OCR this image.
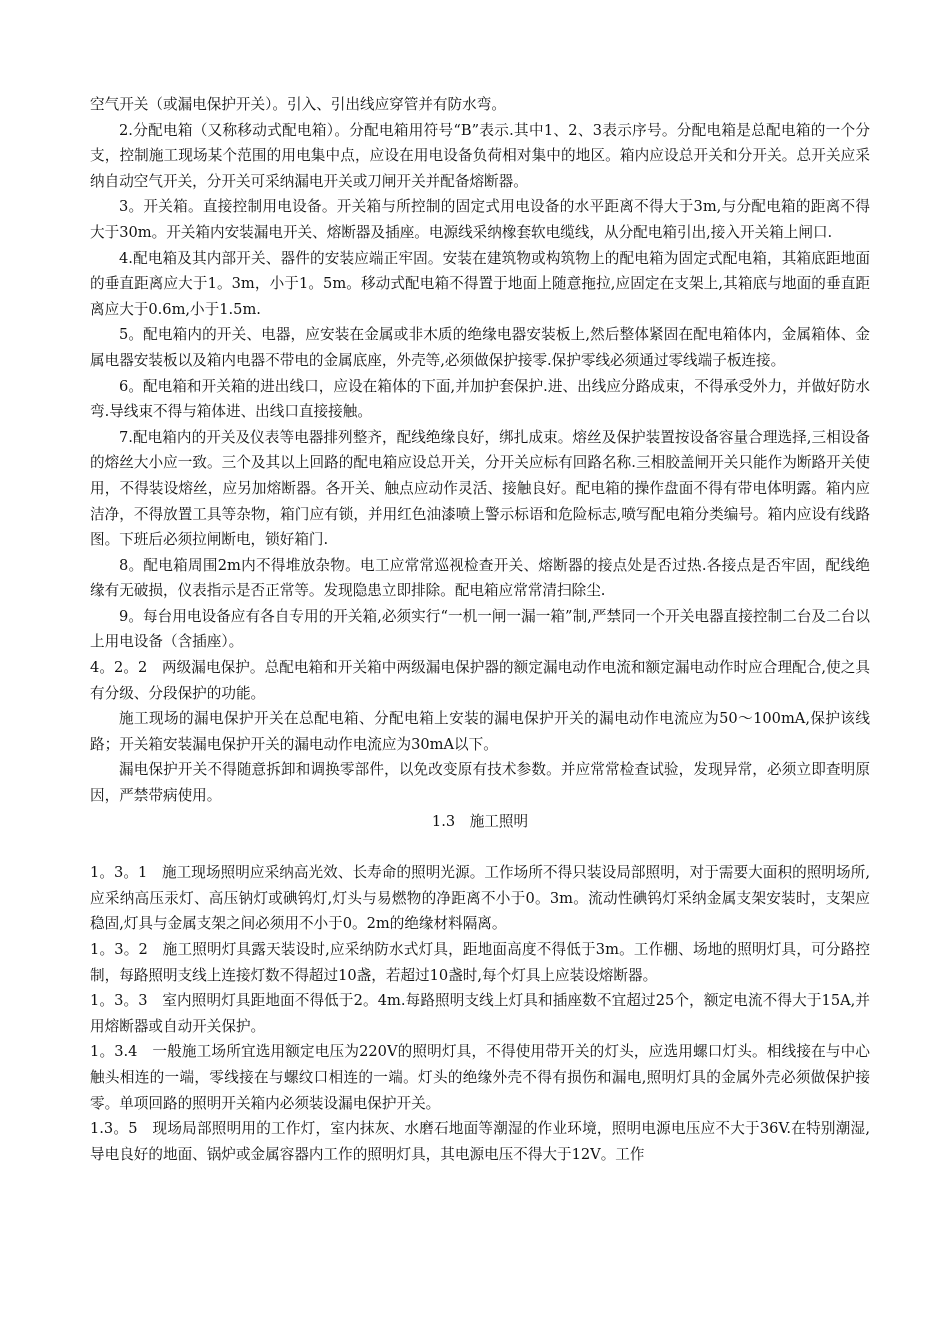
空气开关（或漏电保护开关）。引入、引出线应穿管并有防水弯。

2.分配电箱（又称移动式配电箱）。分配电箱用符号“B”表示.其中1、2、3表示序号。分配电箱是总配电箱的一个分支，控制施工现场某个范围的用电集中点，应设在用电设备负荷相对集中的地区。箱内应设总开关和分开关。总开关应采纳自动空气开关，分开关可采纳漏电开关或刀闸开关并配备熔断器。

3。开关箱。直接控制用电设备。开关箱与所控制的固定式用电设备的水平距离不得大于3m,与分配电箱的距离不得大于30m。开关箱内安装漏电开关、熔断器及插座。电源线采纳橡套软电缆线，从分配电箱引出,接入开关箱上闸口.

4.配电箱及其内部开关、器件的安装应端正牢固。安装在建筑物或构筑物上的配电箱为固定式配电箱，其箱底距地面的垂直距离应大于1。3m，小于1。5m。移动式配电箱不得置于地面上随意拖拉,应固定在支架上,其箱底与地面的垂直距离应大于0.6m,小于1.5m.

5。配电箱内的开关、电器，应安装在金属或非木质的绝缘电器安装板上,然后整体紧固在配电箱体内，金属箱体、金属电器安装板以及箱内电器不带电的金属底座，外壳等,必须做保护接零.保护零线必须通过零线端子板连接。

6。配电箱和开关箱的进出线口，应设在箱体的下面,并加护套保护.进、出线应分路成束，不得承受外力，并做好防水弯.导线束不得与箱体进、出线口直接接触。

7.配电箱内的开关及仪表等电器排列整齐，配线绝缘良好，绑扎成束。熔丝及保护装置按设备容量合理选择,三相设备的熔丝大小应一致。三个及其以上回路的配电箱应设总开关，分开关应标有回路名称.三相胶盖闸开关只能作为断路开关使用，不得装设熔丝，应另加熔断器。各开关、触点应动作灵活、接触良好。配电箱的操作盘面不得有带电体明露。箱内应洁净，不得放置工具等杂物，箱门应有锁，并用红色油漆喷上警示标语和危险标志,喷写配电箱分类编号。箱内应设有线路图。下班后必须拉闸断电，锁好箱门.

8。配电箱周围2m内不得堆放杂物。电工应常常巡视检查开关、熔断器的接点处是否过热.各接点是否牢固，配线绝缘有无破损，仪表指示是否正常等。发现隐患立即排除。配电箱应常常清扫除尘.

9。每台用电设备应有各自专用的开关箱,必须实行“一机一闸一漏一箱”制,严禁同一个开关电器直接控制二台及二台以上用电设备（含插座）。

4。2。2　两级漏电保护。总配电箱和开关箱中两级漏电保护器的额定漏电动作电流和额定漏电动作时应合理配合,使之具有分级、分段保护的功能。

施工现场的漏电保护开关在总配电箱、分配电箱上安装的漏电保护开关的漏电动作电流应为50～100mA,保护该线路；开关箱安装漏电保护开关的漏电动作电流应为30mA以下。

漏电保护开关不得随意拆卸和调换零部件，以免改变原有技术参数。并应常常检查试验，发现异常，必须立即查明原因，严禁带病使用。

1.3　施工照明

1。3。1　施工现场照明应采纳高光效、长寿命的照明光源。工作场所不得只装设局部照明，对于需要大面积的照明场所,应采纳高压汞灯、高压钠灯或碘钨灯,灯头与易燃物的净距离不小于0。3m。流动性碘钨灯采纳金属支架安装时，支架应稳固,灯具与金属支架之间必须用不小于0。2m的绝缘材料隔离。

1。3。2　施工照明灯具露天装设时,应采纳防水式灯具，距地面高度不得低于3m。工作棚、场地的照明灯具，可分路控制，每路照明支线上连接灯数不得超过10盏，若超过10盏时,每个灯具上应装设熔断器。

1。3。3　室内照明灯具距地面不得低于2。4m.每路照明支线上灯具和插座数不宜超过25个，额定电流不得大于15A,并用熔断器或自动开关保护。

1。3.4　一般施工场所宜选用额定电压为220V的照明灯具，不得使用带开关的灯头，应选用螺口灯头。相线接在与中心触头相连的一端，零线接在与螺纹口相连的一端。灯头的绝缘外壳不得有损伤和漏电,照明灯具的金属外壳必须做保护接零。单项回路的照明开关箱内必须装设漏电保护开关。

1.3。5　现场局部照明用的工作灯，室内抹灰、水磨石地面等潮湿的作业环境，照明电源电压应不大于36V.在特别潮湿,导电良好的地面、锅炉或金属容器内工作的照明灯具，其电源电压不得大于12V。工作
